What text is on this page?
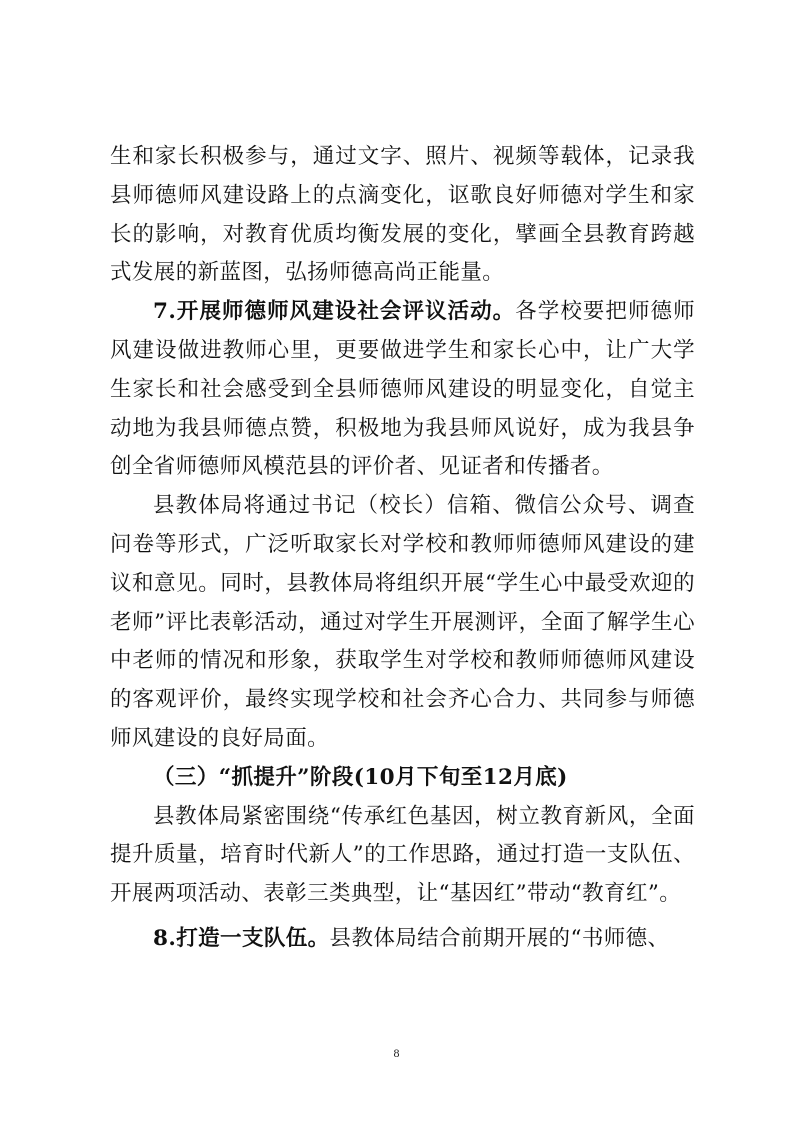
生和家长积极参与，通过文字、照片、视频等载体，记录我县师德师风建设路上的点滴变化，讴歌良好师德对学生和家长的影响，对教育优质均衡发展的变化，擘画全县教育跨越式发展的新蓝图，弘扬师德高尚正能量。

7.开展师德师风建设社会评议活动。各学校要把师德师风建设做进教师心里，更要做进学生和家长心中，让广大学生家长和社会感受到全县师德师风建设的明显变化，自觉主动地为我县师德点赞，积极地为我县师风说好，成为我县争创全省师德师风模范县的评价者、见证者和传播者。

县教体局将通过书记（校长）信箱、微信公众号、调查问卷等形式，广泛听取家长对学校和教师师德师风建设的建议和意见。同时，县教体局将组织开展“学生心中最受欢迎的老师”评比表彰活动，通过对学生开展测评，全面了解学生心中老师的情况和形象，获取学生对学校和教师师德师风建设的客观评价，最终实现学校和社会齐心合力、共同参与师德师风建设的良好局面。

（三）“抓提升”阶段(10月下旬至12月底)

县教体局紧密围绕“传承红色基因，树立教育新风，全面提升质量，培育时代新人”的工作思路，通过打造一支队伍、开展两项活动、表彰三类典型，让“基因红”带动“教育红”。

8.打造一支队伍。县教体局结合前期开展的“书师德、

8
